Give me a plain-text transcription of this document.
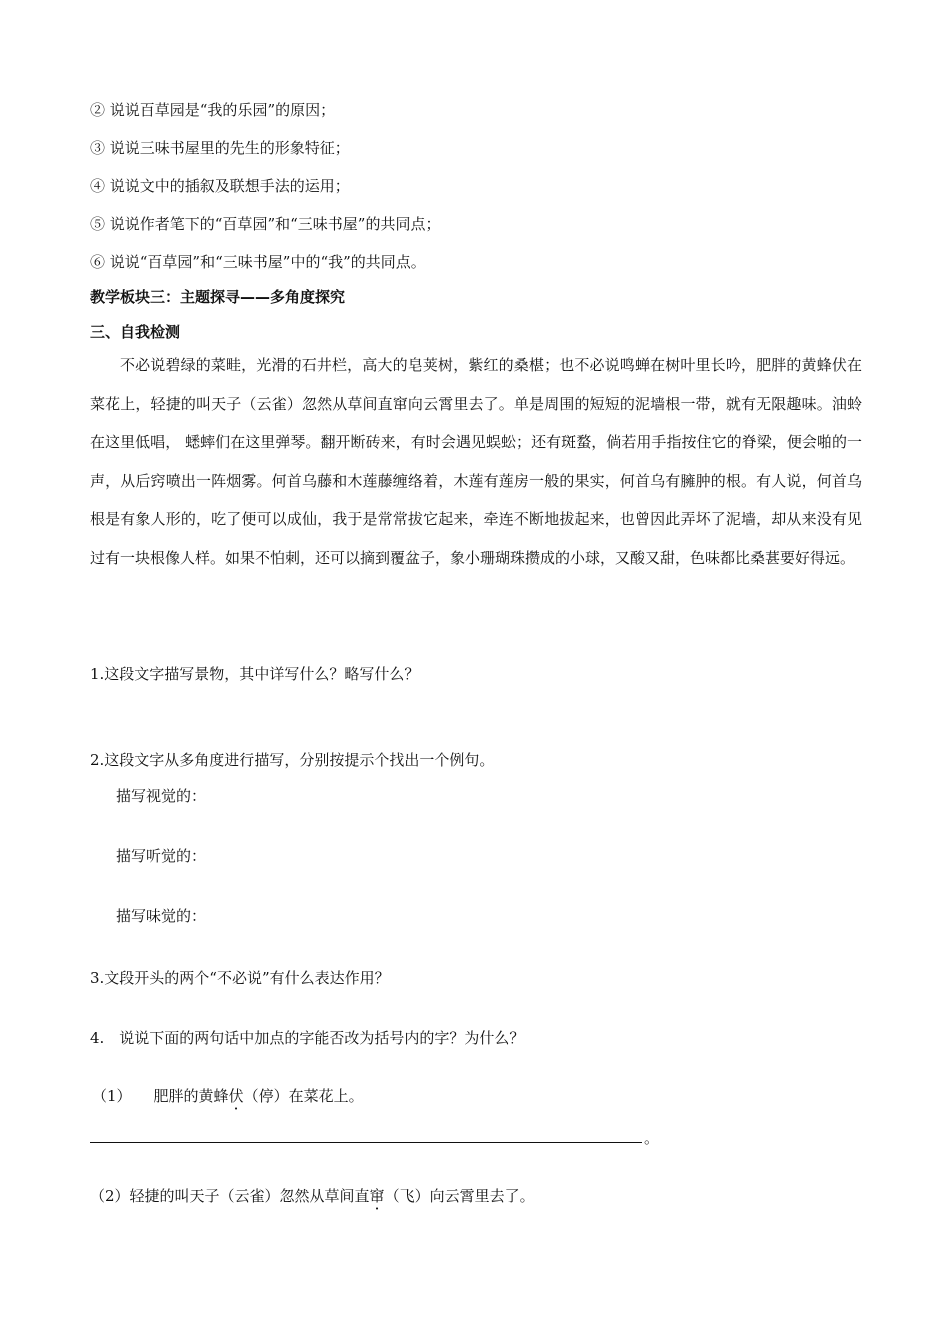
② 说说百草园是“我的乐园”的原因；
③ 说说三味书屋里的先生的形象特征；
④ 说说文中的插叙及联想手法的运用；
⑤ 说说作者笔下的“百草园”和“三味书屋”的共同点；
⑥ 说说“百草园”和“三味书屋”中的“我”的共同点。
教学板块三：主题探寻——多角度探究
三、自我检测
不必说碧绿的菜畦，光滑的石井栏，高大的皂荚树，紫红的桑椹；也不必说鸣蝉在树叶里长吟，肥胖的黄蜂伏在菜花上，轻捷的叫天子（云雀）忽然从草间直窜向云霄里去了。单是周围的短短的泥墙根一带，就有无限趣味。油蛉在这里低唱， 蟋蟀们在这里弹琴。翻开断砖来，有时会遇见蜈蚣；还有斑蝥，倘若用手指按住它的脊梁，便会啪的一声，从后窍喷出一阵烟雾。何首乌藤和木莲藤缠络着，木莲有莲房一般的果实，何首乌有臃肿的根。有人说，何首乌根是有象人形的，吃了便可以成仙，我于是常常拔它起来，牵连不断地拔起来，也曾因此弄坏了泥墙，却从来没有见过有一块根像人样。如果不怕刺，还可以摘到覆盆子，象小珊瑚珠攒成的小球，又酸又甜，色味都比桑葚要好得远。
1.这段文字描写景物，其中详写什么？略写什么？
2.这段文字从多角度进行描写，分别按提示个找出一个例句。
描写视觉的：
描写听觉的：
描写味觉的：
3.文段开头的两个“不必说”有什么表达作用？
4.　说说下面的两句话中加点的字能否改为括号内的字？为什么？
（1） 肥胖的黄蜂伏（停）在菜花上。
。
（2）轻捷的叫天子（云雀）忽然从草间直窜（飞）向云霄里去了。
